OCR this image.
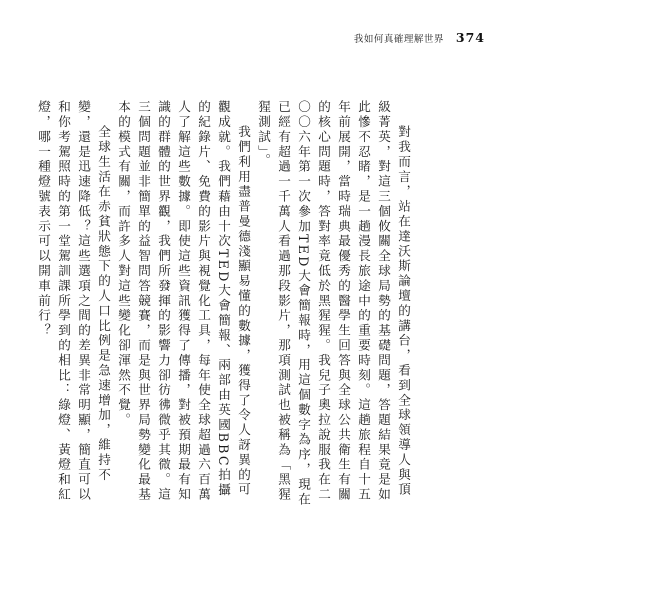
我如何真確理解世界 374

對我而言，站在達沃斯論壇的講台，看到全球領導人與頂級菁英，對這三個攸關全球局勢的基礎問題，答題結果竟是如此慘不忍睹，是一趟漫長旅途中的重要時刻。這趟旅程自十五年前展開，當時瑞典最優秀的醫學生回答與全球公共衛生有關的核心問題時，答對率竟低於黑猩猩。我兒子奧拉說服我在二〇〇六年第一次參加TED大會簡報時，用這個數字為序，現在已經有超過一千萬人看過那段影片，那項測試也被稱為「黑猩猩測試」。

我們利用盡普曼德淺顯易懂的數據，獲得了令人訝異的可觀成就。我們藉由十次TED大會簡報、兩部由英國BBC拍攝的紀錄片、免費的影片與視覺化工具，每年使全球超過六百萬人了解這些數據。即使這些資訊獲得了傳播，對被預期最有知識的群體的世界觀，我們所發揮的影響力卻彷彿微乎其微。這三個問題並非簡單的益智問答競賽，而是與世界局勢變化最基本的模式有關，而許多人對這些變化卻渾然不覺。

全球生活在赤貧狀態下的人口比例是急速增加，維持不變，還是迅速降低？這些選項之間的差異非常明顯，簡直可以和你考駕照時的第一堂駕訓課所學到的相比：綠燈、黃燈和紅燈，哪一種燈號表示可以開車前行？
